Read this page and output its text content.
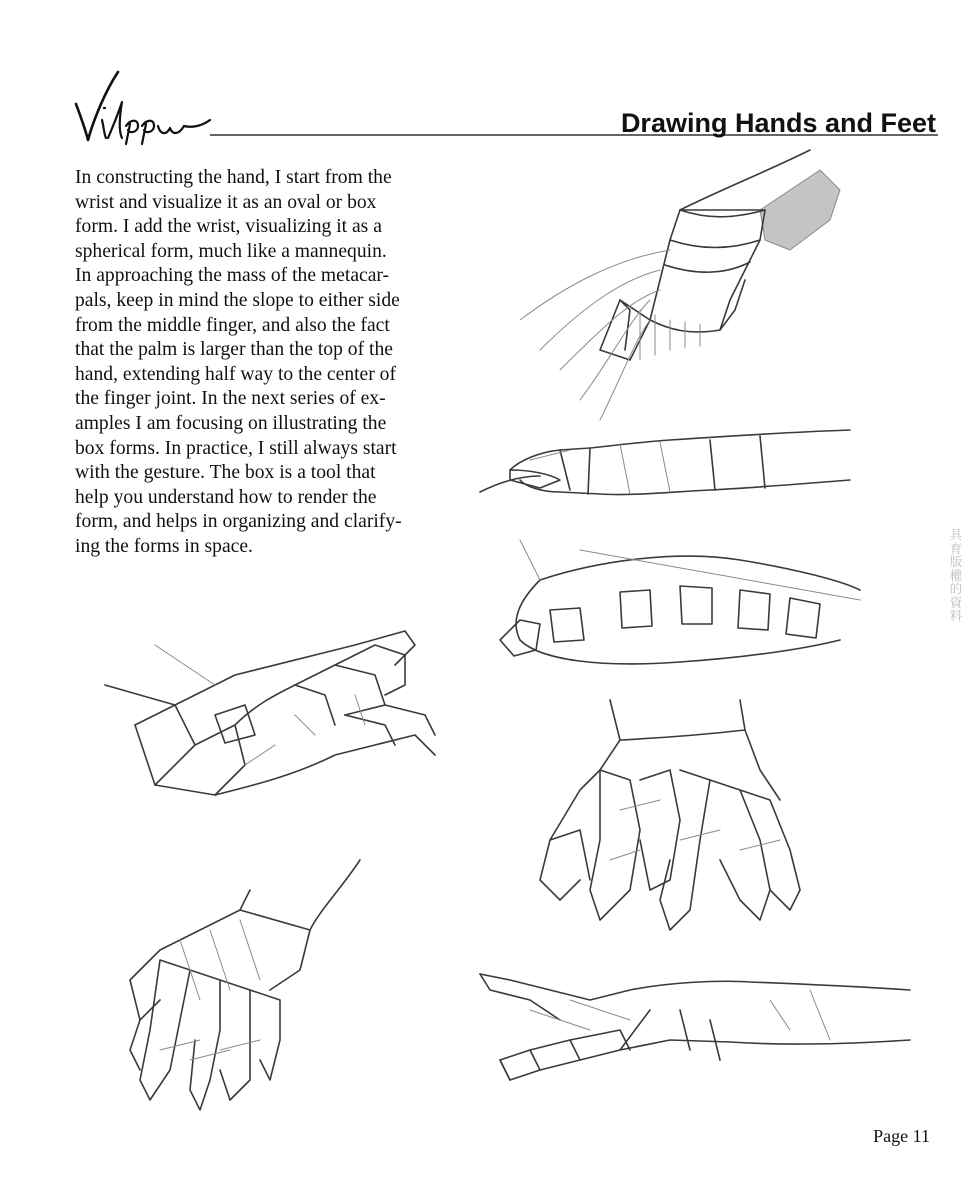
Drawing Hands and Feet
In constructing the hand, I start from the
wrist and visualize it as an oval or box
form. I add the wrist, visualizing it as a
spherical form, much like a mannequin.
In approaching the mass of the metacar-
pals, keep in mind the slope to either side
from the middle finger, and also the fact
that the palm is larger than the top of the
hand, extending half way to the center of
the finger joint. In the next series of ex-
amples I am focusing on illustrating the
box forms. In practice, I still always start
with the gesture. The box is a tool that
help you understand how to render the
form, and helps in organizing and clarify-
ing the forms in space.
具
育
版
權
的
資
料
Page 11
